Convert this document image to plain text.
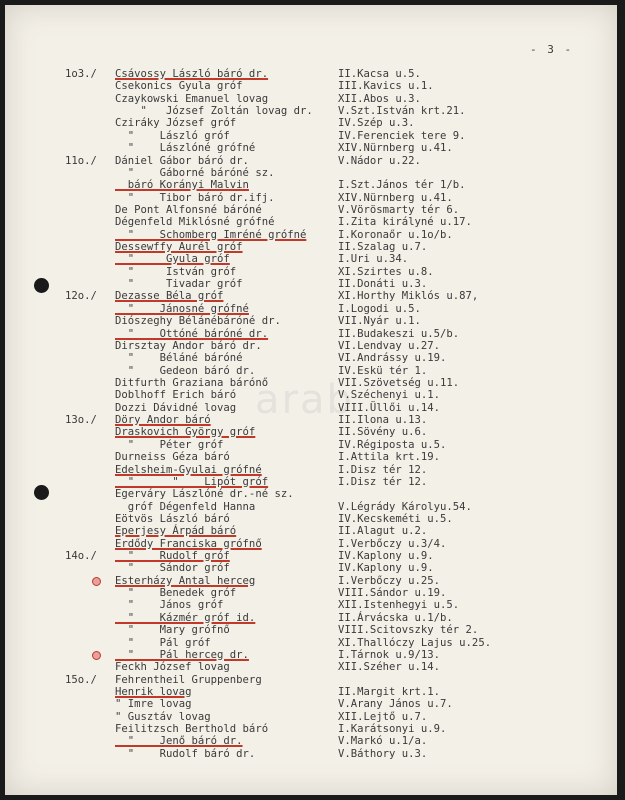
- 3 -
arab
1o3./ Csávossy László báró dr.	II.Kacsa u.5.
Csekonics Gyula gróf	III.Kavics u.1.
Czaykowski Emanuel lovag	XII.Abos u.3.
"   József Zoltán lovag dr. V.Szt.István krt.21.
Cziráky József gróf	IV.Szép u.3.
"    László gróf	IV.Ferenciek tere 9.
"    Lászlóné grófné	XIV.Nürnberg u.41.
11o./ Dániel Gábor báró dr.	V.Nádor u.22.
"    Gáborné báróné sz.
báró Korányi Malvin	I.Szt.János tér 1/b.
"    Tibor báró dr.ifj.	XIV.Nürnberg u.41.
De Pont Alfonsné báróné	V.Vörösmarty tér 6.
Dégenfeld Miklósné grófné	I.Zita királyné u.17.
"    Schomberg Imréné grófné	I.Koronaőr u.1o/b.
Dessewffy Aurél gróf	II.Szalag u.7.
"     Gyula gróf	I.Uri u.34.
"     István gróf	XI.Szirtes u.8.
"     Tivadar gróf	II.Donáti u.3.
12o./ Dezasse Béla gróf	XI.Horthy Miklós u.87,
"    Jánosné grófné	I.Logodi u.5.
Diószeghy Bélánébáróné dr.	VII.Nyár u.1.
"    Ottóné báróné dr.	II.Budakeszi u.5/b.
Dirsztay Andor báró dr.	VI.Lendvay u.27.
"    Béláné báróné	VI.Andrássy u.19.
"    Gedeon báró dr.	IV.Eskü tér 1.
Ditfurth Graziana bárónő	VII.Szövetség u.11.
Doblhoff Erich báró	V.Széchenyi u.1.
Dozzi Dávidné lovag	VIII.Üllői u.14.
13o./ Döry Andor báró	II.Ilona u.13.
Draskovich György gróf	II.Sövény u.6.
"    Péter gróf	IV.Régiposta u.5.
Durneiss Géza báró	I.Attila krt.19.
Edelsheim-Gyulai grófné	I.Disz tér 12.
"      "    Lipót gróf	I.Disz tér 12.
Egerváry Lászlóné dr.-né sz.
gróf Dégenfeld Hanna	V.Légrády Károlyu.54.
Eötvös László báró	IV.Kecskeméti u.5.
Eperjesy Árpád báró	II.Alagut u.2.
Erdődy Franciska grófnő	I.Verbőczy u.3/4.
14o./ "    Rudolf gróf	IV.Kaplony u.9.
"    Sándor gróf	IV.Kaplony u.9.
Esterházy Antal herceg	I.Verbőczy u.25.
"    Benedek gróf	VIII.Sándor u.19.
"    János gróf	XII.Istenhegyi u.5.
"    Kázmér gróf id.	II.Árvácska u.1/b.
"    Mary grófnő	VIII.Scitovszky tér 2.
"    Pál gróf	XI.Thallóczy Lajus u.25.
"    Pál herceg dr.	I.Tárnok u.9/13.
Feckh József lovag	XII.Széher u.14.
15o./ Fehrentheil Gruppenberg
Henrik lovag	II.Margit krt.1.
" Imre lovag	V.Arany János u.7.
" Gusztáv lovag	XII.Lejtő u.7.
Feilitzsch Berthold báró	I.Karátsonyi u.9.
"    Jenő báró dr.	V.Markó u.1/a.
"    Rudolf báró dr.	V.Báthory u.3.
